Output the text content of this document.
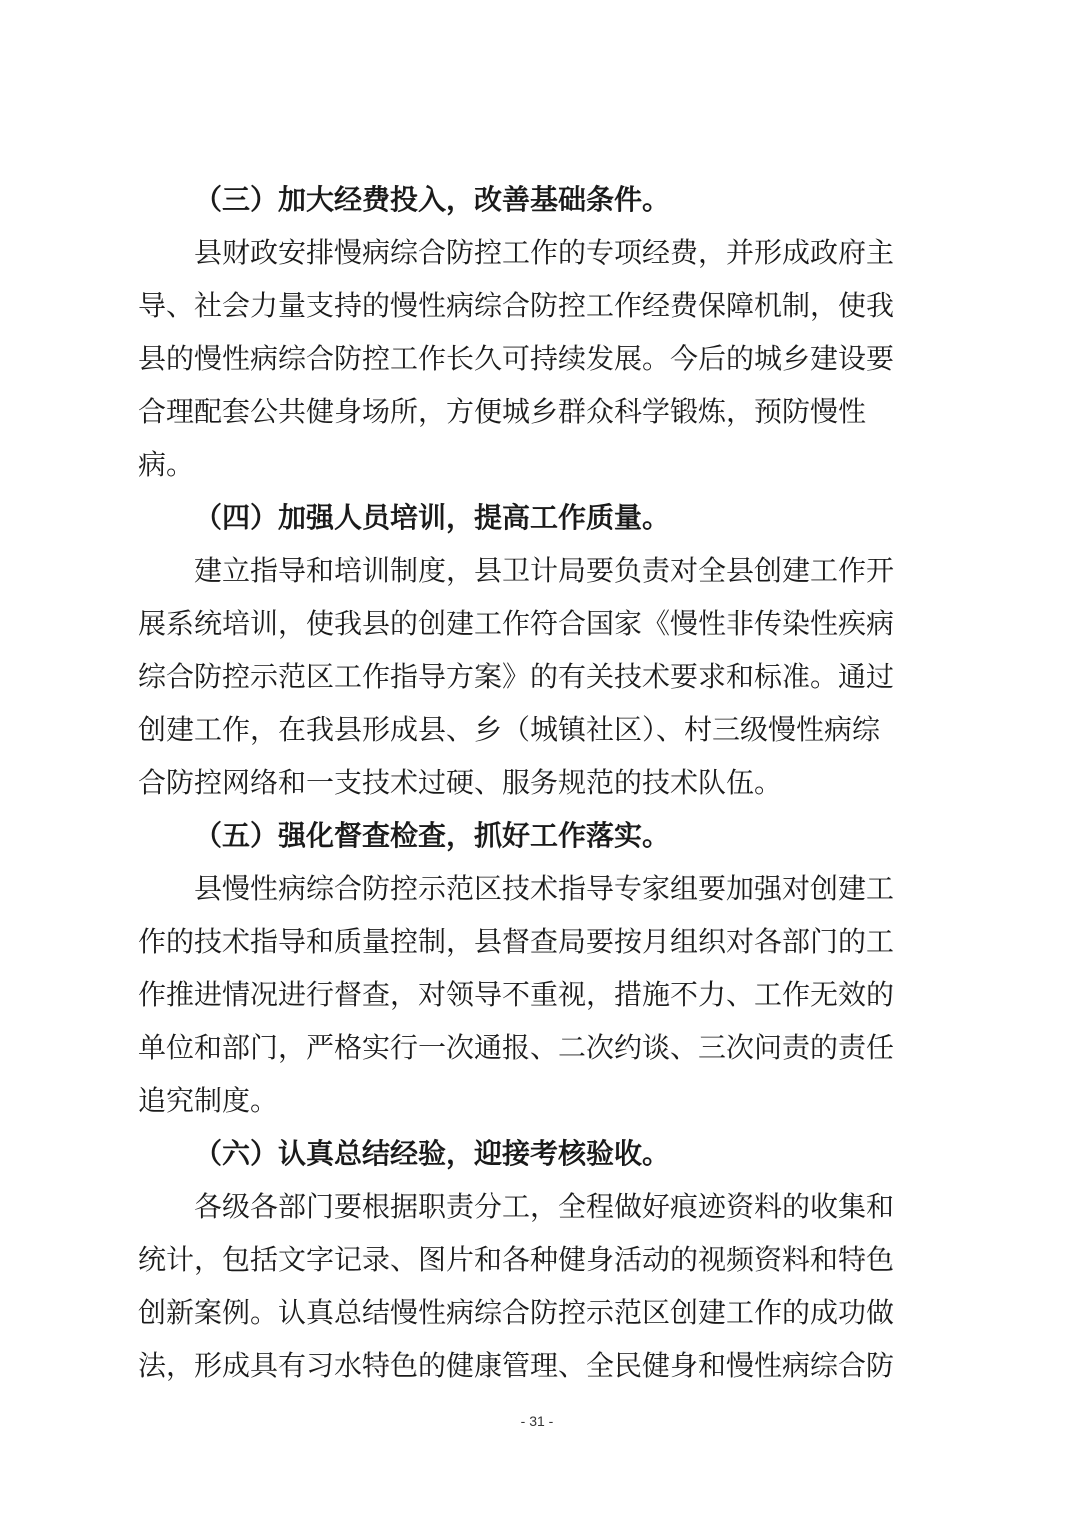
（三）加大经费投入，改善基础条件。
县财政安排慢病综合防控工作的专项经费，并形成政府主
导、社会力量支持的慢性病综合防控工作经费保障机制，使我
县的慢性病综合防控工作长久可持续发展。今后的城乡建设要
合理配套公共健身场所，方便城乡群众科学锻炼，预防慢性
病。
（四）加强人员培训，提高工作质量。
建立指导和培训制度，县卫计局要负责对全县创建工作开
展系统培训，使我县的创建工作符合国家《慢性非传染性疾病
综合防控示范区工作指导方案》的有关技术要求和标准。通过
创建工作，在我县形成县、乡（城镇社区）、村三级慢性病综
合防控网络和一支技术过硬、服务规范的技术队伍。
（五）强化督查检查，抓好工作落实。
县慢性病综合防控示范区技术指导专家组要加强对创建工
作的技术指导和质量控制，县督查局要按月组织对各部门的工
作推进情况进行督查，对领导不重视，措施不力、工作无效的
单位和部门，严格实行一次通报、二次约谈、三次问责的责任
追究制度。
（六）认真总结经验，迎接考核验收。
各级各部门要根据职责分工，全程做好痕迹资料的收集和
统计，包括文字记录、图片和各种健身活动的视频资料和特色
创新案例。认真总结慢性病综合防控示范区创建工作的成功做
法，形成具有习水特色的健康管理、全民健身和慢性病综合防
- 31 -
